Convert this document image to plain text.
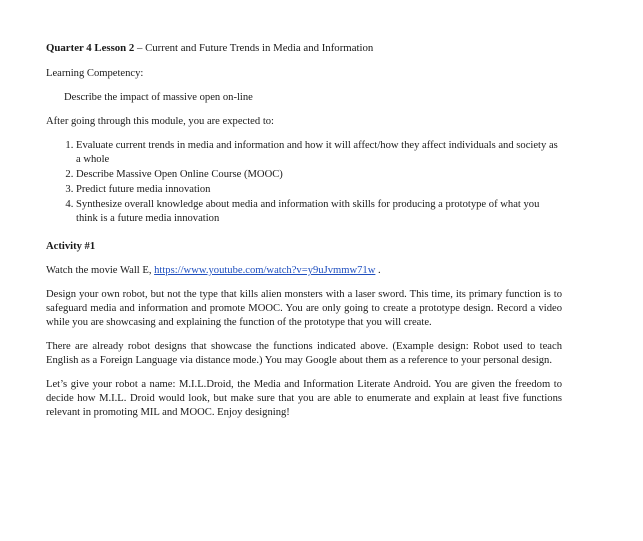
Quarter 4 Lesson 2 – Current and Future Trends in Media and Information

Learning Competency:

Describe the impact of massive open on-line

After going through this module, you are expected to:

1. Evaluate current trends in media and information and how it will affect/how they affect individuals and society as a whole
2. Describe Massive Open Online Course (MOOC)
3. Predict future media innovation
4. Synthesize overall knowledge about media and information with skills for producing a prototype of what you think is a future media innovation

Activity #1

Watch the movie Wall E, https://www.youtube.com/watch?v=y9uJvmmw71w .

Design your own robot, but not the type that kills alien monsters with a laser sword. This time, its primary function is to safeguard media and information and promote MOOC. You are only going to create a prototype design. Record a video while you are showcasing and explaining the function of the prototype that you will create.

There are already robot designs that showcase the functions indicated above. (Example design: Robot used to teach English as a Foreign Language via distance mode.) You may Google about them as a reference to your personal design.

Let’s give your robot a name: M.I.L.Droid, the Media and Information Literate Android. You are given the freedom to decide how M.I.L. Droid would look, but make sure that you are able to enumerate and explain at least five functions relevant in promoting MIL and MOOC. Enjoy designing!
